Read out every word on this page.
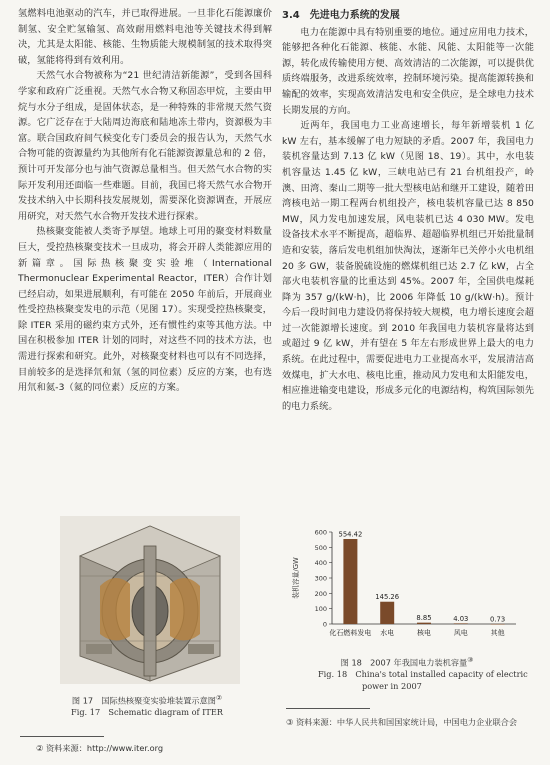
氢燃料电池驱动的汽车，并已取得进展。一旦非化石能源廉价制氢、安全贮氢输氢、高效耐用燃料电池等关键技术得到解决，尤其是太阳能、核能、生物质能大规模制氢的技术取得突破，氢能将得到有效利用。

天然气水合物被称为“21 世纪清洁新能源”，受到各国科学家和政府广泛重视。天然气水合物又称固态甲烷，主要由甲烷与水分子组成，是固体状态，是一种特殊的非常规天然气资源。它广泛存在于大陆周边海底和陆地冻土带内，资源极为丰富。联合国政府间气候变化专门委员会的报告认为，天然气水合物可能的资源量约为其他所有化石能源资源量总和的 2 倍，预计可开发部分也与油气资源总量相当。但天然气水合物的实际开发利用还面临一些难题。目前，我国已将天然气水合物开发技术纳入中长期科技发展规划，需要深化资源调查，开展应用研究，对天然气水合物开发技术进行探索。

热核聚变能被人类寄予厚望。地球上可用的聚变材料数量巨大，受控热核聚变技术一旦成功，将会开辟人类能源应用的新篇章。国际热核聚变实验堆（International Thermonuclear Experimental Reactor，ITER）合作计划已经启动，如果进展顺利，有可能在 2050 年前后，开展商业性受控热核聚变发电的示范（见图 17）。实现受控热核聚变，除 ITER 采用的磁约束方式外，还有惯性约束等其他方法。中国在积极参加 ITER 计划的同时，对这些不同的技术方法，也需进行探索和研究。此外，对核聚变材料也可以有不同选择，目前较多的是选择氘和氚（氢的同位素）反应的方案，也有选用氘和氦-3（氦的同位素）反应的方案。

图 17　国际热核聚变实验堆装置示意图②
Fig. 17　Schematic diagram of ITER
② 资料来源：http://www.iter.org
3.4　先进电力系统的发展

电力在能源中具有特别重要的地位。通过应用电力技术，能够把各种化石能源、核能、水能、风能、太阳能等一次能源，转化成传输使用方便、高效清洁的二次能源，可以提供优质终端服务，改进系统效率，控制环境污染。提高能源转换和输配的效率，实现高效清洁发电和安全供应，是全球电力技术长期发展的方向。

近两年，我国电力工业高速增长，每年新增装机 1 亿 kW 左右，基本缓解了电力短缺的矛盾。2007 年，我国电力装机容量达到 7.13 亿 kW（见图 18、19）。其中，水电装机容量达 1.45 亿 kW，三峡电站已有 21 台机组投产，岭澳、田湾、秦山二期等一批大型核电站和继开工建设，随着田湾核电站一期工程两台机组投产，核电装机容量已达 8 850 MW，风力发电加速发展，风电装机已达 4 030 MW。发电设备技术水平不断提高，超临界、超超临界机组已开始批量制造和安装，落后发电机组加快淘汰，逐渐年已关停小火电机组 20 多 GW，装备脱硫设施的燃煤机组已达 2.7 亿 kW，占全部火电装机容量的比重达到 45%。2007 年，全国供电煤耗降为 357 g/(kW·h)，比 2006 年降低 10 g/(kW·h)。预计今后一段时间电力建设仍将保持较大规模，电力增长速度会超过一次能源增长速度。到 2010 年我国电力装机容量将达到或超过 9 亿 kW，并有望在 5 年左右形成世界上最大的电力系统。在此过程中，需要促进电力工业提高水平，发展清洁高效煤电，扩大水电、核电比重，推动风力发电和太阳能发电，相应推进输变电建设，形成多元化的电源结构，构筑国际领先的电力系统。

0
100
200
300
400
500
600
装机容量/GW
554.42
化石燃料发电
145.26
水电
8.85
核电
4.03
风电
0.73
其他
图 18　2007 年我国电力装机容量③
Fig. 18　China's total installed capacity of electric
power in 2007
③ 资料来源：中华人民共和国国家统计局，中国电力企业联合会
